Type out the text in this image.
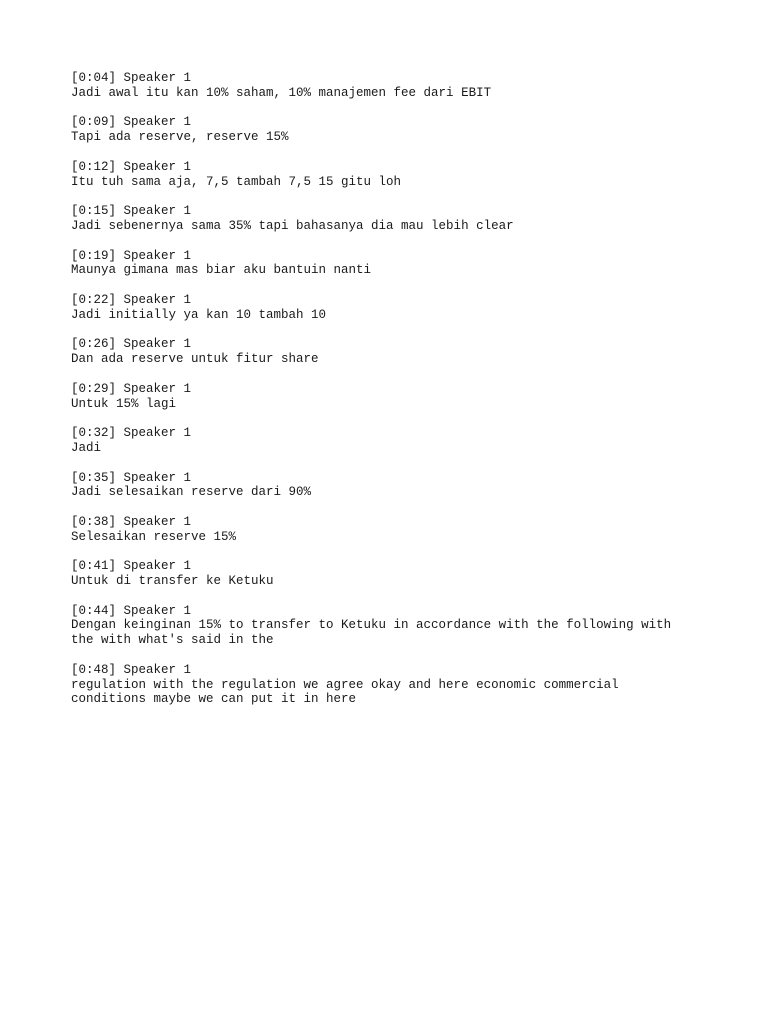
[0:04] Speaker 1
Jadi awal itu kan 10% saham, 10% manajemen fee dari EBIT
[0:09] Speaker 1
Tapi ada reserve, reserve 15%
[0:12] Speaker 1
Itu tuh sama aja, 7,5 tambah 7,5 15 gitu loh
[0:15] Speaker 1
Jadi sebenernya sama 35% tapi bahasanya dia mau lebih clear
[0:19] Speaker 1
Maunya gimana mas biar aku bantuin nanti
[0:22] Speaker 1
Jadi initially ya kan 10 tambah 10
[0:26] Speaker 1
Dan ada reserve untuk fitur share
[0:29] Speaker 1
Untuk 15% lagi
[0:32] Speaker 1
Jadi
[0:35] Speaker 1
Jadi selesaikan reserve dari 90%
[0:38] Speaker 1
Selesaikan reserve 15%
[0:41] Speaker 1
Untuk di transfer ke Ketuku
[0:44] Speaker 1
Dengan keinginan 15% to transfer to Ketuku in accordance with the following with
the with what's said in the
[0:48] Speaker 1
regulation with the regulation we agree okay and here economic commercial
conditions maybe we can put it in here
